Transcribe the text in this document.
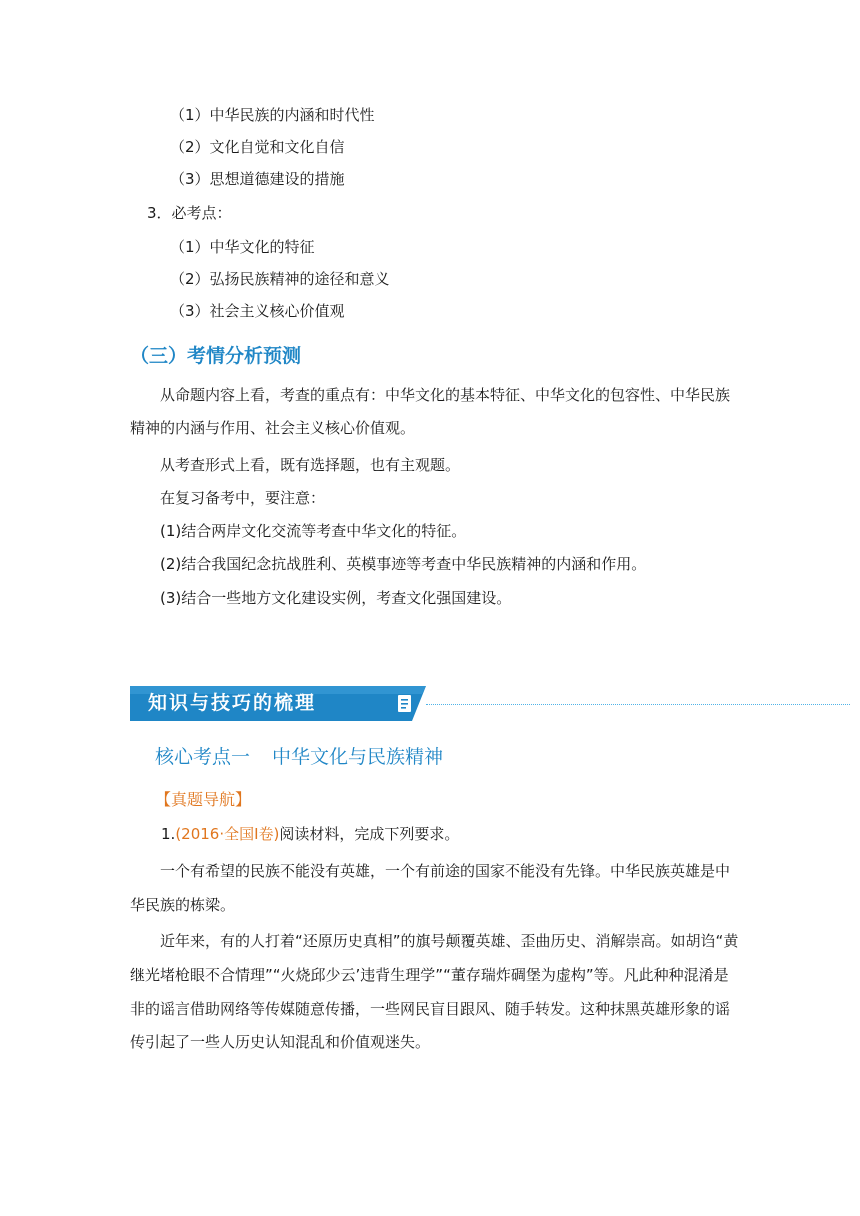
（1）中华民族的内涵和时代性
（2）文化自觉和文化自信
（3）思想道德建设的措施
3．必考点：
（1）中华文化的特征
（2）弘扬民族精神的途径和意义
（3）社会主义核心价值观
（三）考情分析预测
从命题内容上看，考查的重点有：中华文化的基本特征、中华文化的包容性、中华民族
精神的内涵与作用、社会主义核心价值观。
从考查形式上看，既有选择题，也有主观题。
在复习备考中，要注意：
(1)结合两岸文化交流等考查中华文化的特征。
(2)结合我国纪念抗战胜利、英模事迹等考查中华民族精神的内涵和作用。
(3)结合一些地方文化建设实例，考查文化强国建设。
知识与技巧的梳理
核心考点一 中华文化与民族精神
【真题导航】
1.(2016·全国Ⅰ卷)阅读材料，完成下列要求。
一个有希望的民族不能没有英雄，一个有前途的国家不能没有先锋。中华民族英雄是中
华民族的栋梁。
近年来，有的人打着“还原历史真相”的旗号颠覆英雄、歪曲历史、消解崇高。如胡诌“黄
继光堵枪眼不合情理”“火烧邱少云’违背生理学”“董存瑞炸碉堡为虚构”等。凡此种种混淆是
非的谣言借助网络等传媒随意传播，一些网民盲目跟风、随手转发。这种抹黑英雄形象的谣
传引起了一些人历史认知混乱和价值观迷失。
